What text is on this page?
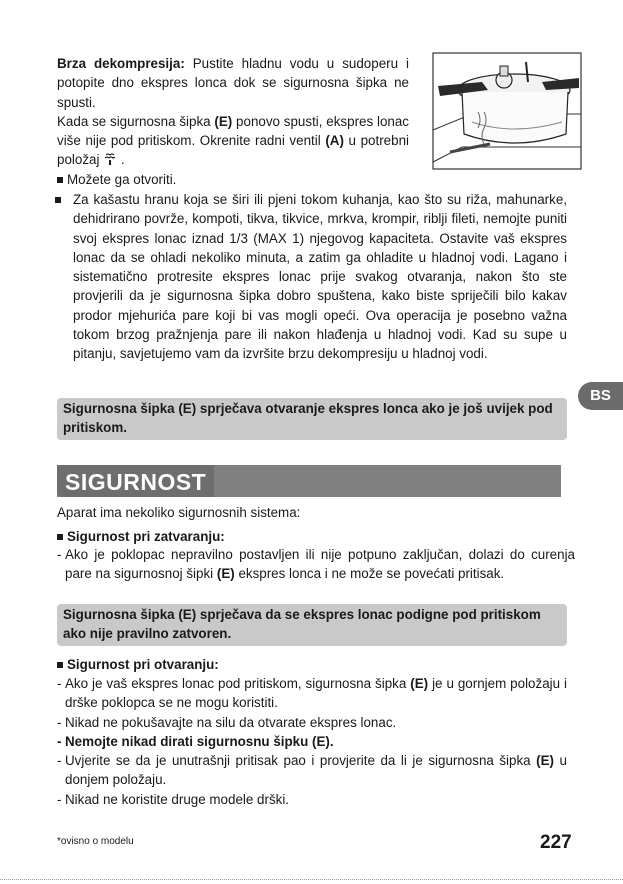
Brza dekompresija: Pustite hladnu vodu u sudoperu i potopite dno ekspres lonca dok se sigurnosna šipka ne spusti.
Kada se sigurnosna šipka (E) ponovo spusti, ekspres lonac više nije pod pritiskom. Okrenite radni ventil (A) u potrebni položaj  .
Možete ga otvoriti.
Za kašastu hranu koja se širi ili pjeni tokom kuhanja, kao što su riža, mahunarke, dehidrirano povrže, kompoti, tikva, tikvice, mrkva, krompir, riblji fileti, nemojte puniti svoj ekspres lonac iznad 1/3 (MAX 1) njegovog kapaciteta. Ostavite vaš ekspres lonac da se ohladi nekoliko minuta, a zatim ga ohladite u hladnoj vodi. Lagano i sistematično protresite ekspres lonac prije svakog otvaranja, nakon što ste provjerili da je sigurnosna šipka dobro spuštena, kako biste spriječili bilo kakav prodor mjehurića pare koji bi vas mogli opeći. Ova operacija je posebno važna tokom brzog pražnjenja pare ili nakon hlađenja u hladnoj vodi. Kad su supe u pitanju, savjetujemo vam da izvršite brzu dekompresiju u hladnoj vodi.
Sigurnosna šipka (E) sprječava otvaranje ekspres lonca ako je još uvijek pod pritiskom.
BS
SIGURNOST
Aparat ima nekoliko sigurnosnih sistema:
Sigurnost pri zatvaranju:
- Ako je poklopac nepravilno postavljen ili nije potpuno zaključan, dolazi do curenja pare na sigurnosnoj šipki (E) ekspres lonca i ne može se povećati pritisak.
Sigurnosna šipka (E) sprječava da se ekspres lonac podigne pod pritiskom ako nije pravilno zatvoren.
Sigurnost pri otvaranju:
- Ako je vaš ekspres lonac pod pritiskom, sigurnosna šipka (E) je u gornjem položaju i drške poklopca se ne mogu koristiti.
- Nikad ne pokušavajte na silu da otvarate ekspres lonac.
- Nemojte nikad dirati sigurnosnu šipku (E).
- Uvjerite se da je unutrašnji pritisak pao i provjerite da li je sigurnosna šipka (E) u donjem položaju.
- Nikad ne koristite druge modele drški.
*ovisno o modelu	227
